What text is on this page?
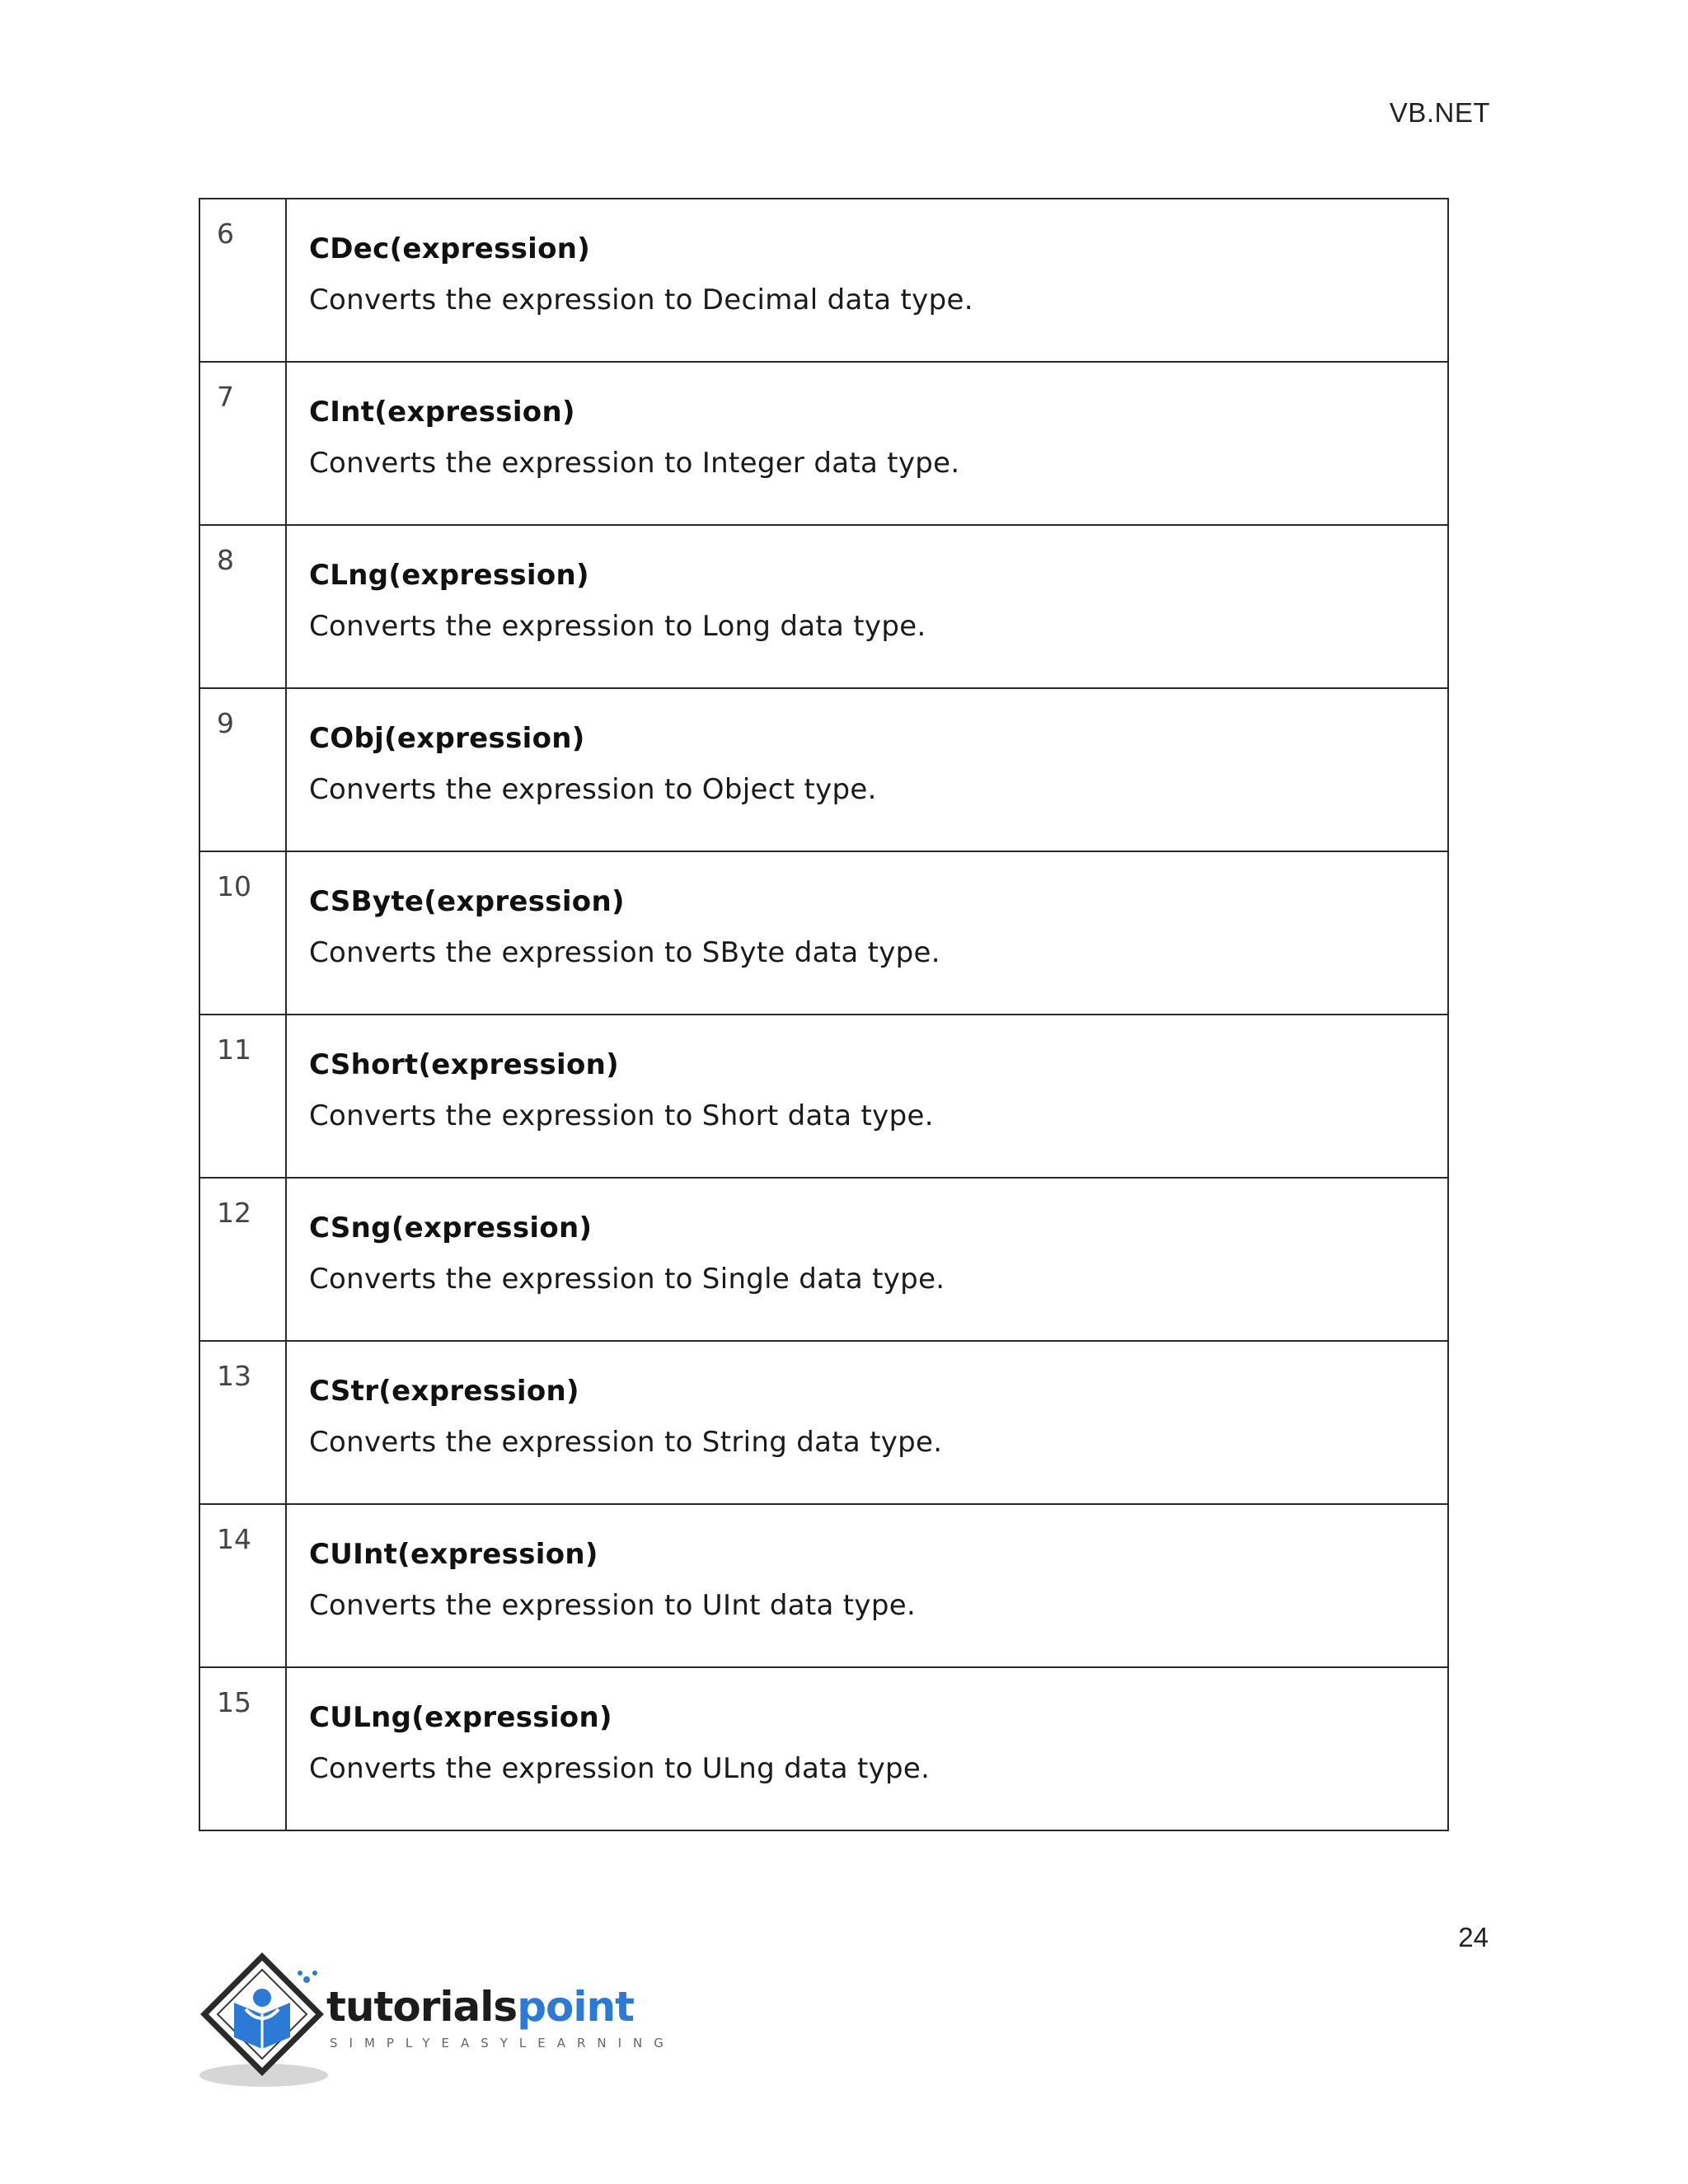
VB.NET
6	CDec(expression)

Converts the expression to Decimal data type.

7	CInt(expression)

Converts the expression to Integer data type.

8	CLng(expression)

Converts the expression to Long data type.

9	CObj(expression)

Converts the expression to Object type.

10	CSByte(expression)

Converts the expression to SByte data type.

11	CShort(expression)

Converts the expression to Short data type.

12	CSng(expression)

Converts the expression to Single data type.

13	CStr(expression)

Converts the expression to String data type.

14	CUInt(expression)

Converts the expression to UInt data type.

15	CULng(expression)

Converts the expression to ULng data type.

24
tutorialspoint
SIMPLYEASYLEARNING
